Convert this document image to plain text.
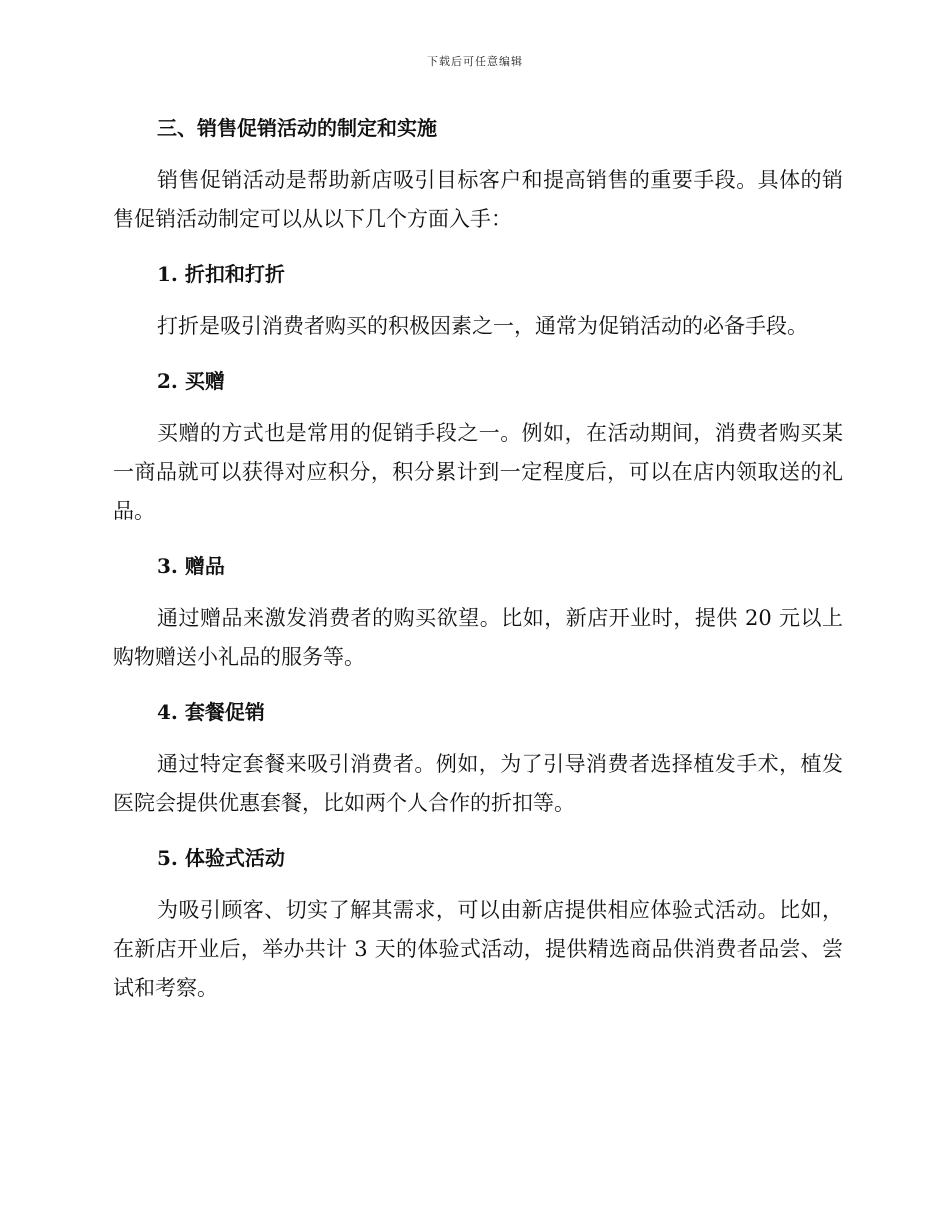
下载后可任意编辑
三、销售促销活动的制定和实施

销售促销活动是帮助新店吸引目标客户和提高销售的重要手段。具体的销售促销活动制定可以从以下几个方面入手：

1. 折扣和打折

打折是吸引消费者购买的积极因素之一，通常为促销活动的必备手段。

2. 买赠

买赠的方式也是常用的促销手段之一。例如，在活动期间，消费者购买某一商品就可以获得对应积分，积分累计到一定程度后，可以在店内领取送的礼品。

3. 赠品

通过赠品来激发消费者的购买欲望。比如，新店开业时，提供 20 元以上购物赠送小礼品的服务等。

4. 套餐促销

通过特定套餐来吸引消费者。例如，为了引导消费者选择植发手术，植发医院会提供优惠套餐，比如两个人合作的折扣等。

5. 体验式活动

为吸引顾客、切实了解其需求，可以由新店提供相应体验式活动。比如，在新店开业后，举办共计 3 天的体验式活动，提供精选商品供消费者品尝、尝试和考察。
